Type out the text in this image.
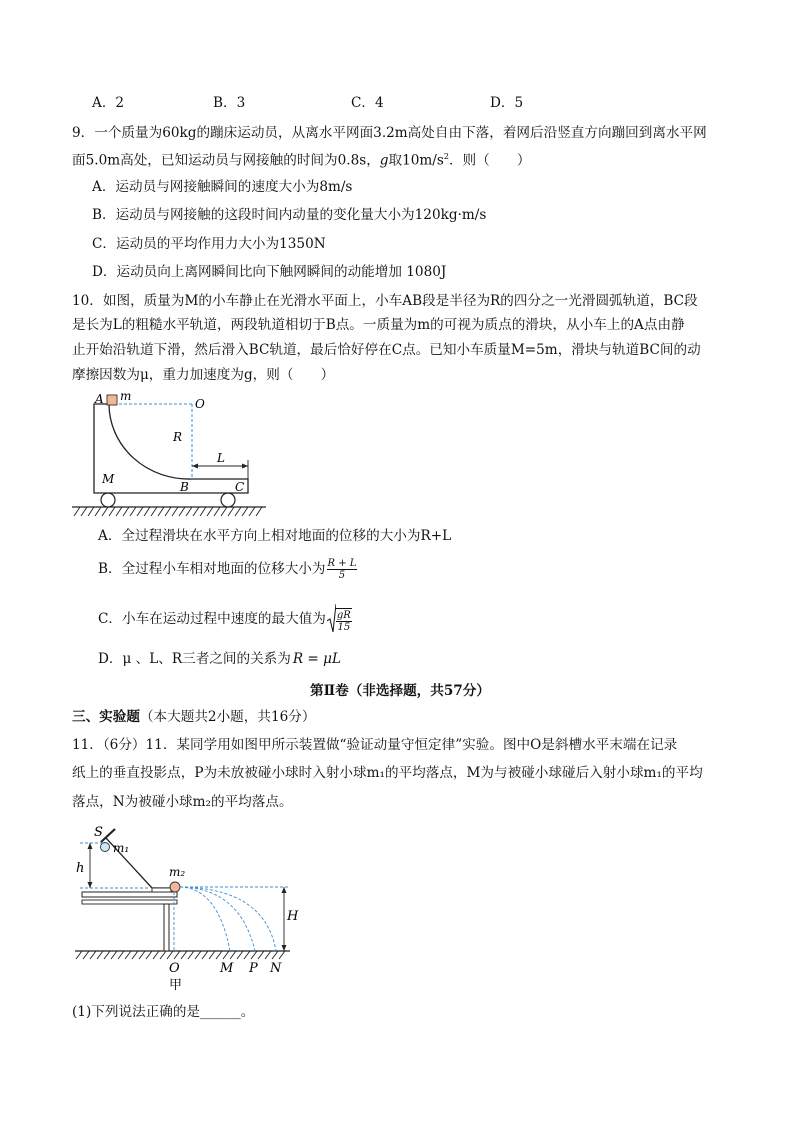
A．2	B．3	C．4	D．5
9．一个质量为60kg的蹦床运动员，从离水平网面3.2m高处自由下落，着网后沿竖直方向蹦回到离水平网
面5.0m高处，已知运动员与网接触的时间为0.8s，g取$10m/s^2$．则（　　）
A．运动员与网接触瞬间的速度大小为8m/s
B．运动员与网接触的这段时间内动量的变化量大小为120kg·m/s
C．运动员的平均作用力大小为1350N
D．运动员向上离网瞬间比向下触网瞬间的动能增加 1080J
10．如图，质量为M的小车静止在光滑水平面上，小车AB段是半径为R的四分之一光滑圆弧轨道，BC段
是长为L的粗糙水平轨道，两段轨道相切于B点。一质量为m的可视为质点的滑块，从小车上的A点由静
止开始沿轨道下滑，然后滑入BC轨道，最后恰好停在C点。已知小车质量M=5m，滑块与轨道BC间的动
摩擦因数为μ，重力加速度为g，则（　　）
A m
O
R
L
M
B	C
A．全过程滑块在水平方向上相对地面的位移的大小为R+L
B．全过程小车相对地面的位移大小为 $\frac{R + L}{5}$
C．小车在运动过程中速度的最大值为 $\frac{gR}{15}$
D．μ 、L、R三者之间的关系为 R = μL
第Ⅱ卷（非选择题，共57分）
三、实验题（本大题共2小题，共16分）
11．（6分）11．某同学用如图甲所示装置做“验证动量守恒定律”实验。图中O是斜槽水平末端在记录
纸上的垂直投影点，P为未放被碰小球时入射小球m₁的平均落点，M为与被碰小球碰后入射小球m₁的平均
落点，N为被碰小球m₂的平均落点。
S
m₁
h	m₂
H
O	M P N
甲
(1)下列说法正确的是______。
